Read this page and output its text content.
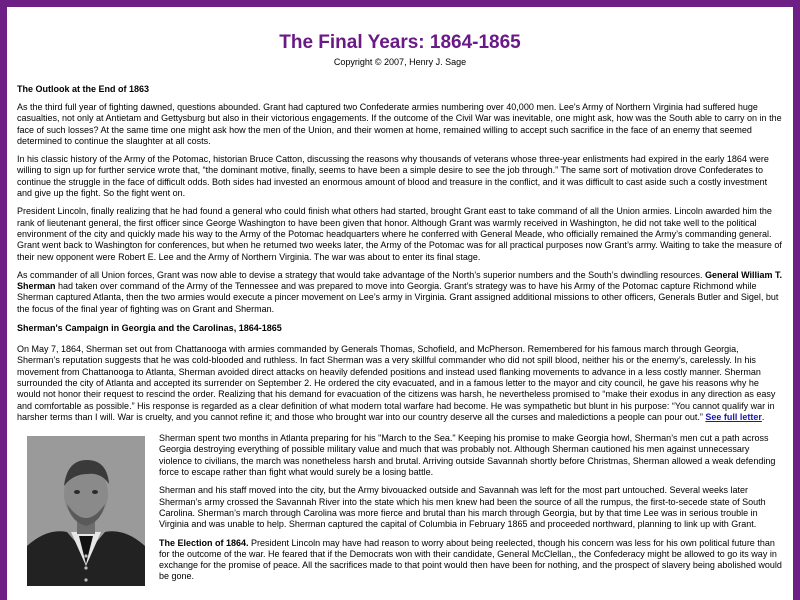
The Final Years: 1864-1865
Copyright © 2007, Henry J. Sage
The Outlook at the End of 1863

As the third full year of fighting dawned, questions abounded. Grant had captured two Confederate armies numbering over 40,000 men. Lee's Army of Northern Virginia had suffered huge casualties, not only at Antietam and Gettysburg but also in their victorious engagements. If the outcome of the Civil War was inevitable, one might ask, how was the South able to carry on in the face of such losses? At the same time one might ask how the men of the Union, and their women at home, remained willing to accept such sacrifice in the face of an enemy that seemed determined to continue the slaughter at all costs.

In his classic history of the Army of the Potomac, historian Bruce Catton, discussing the reasons why thousands of veterans whose three-year enlistments had expired in the early 1864 were willing to sign up for further service wrote that, “the dominant motive, finally, seems to have been a simple desire to see the job through.” The same sort of motivation drove Confederates to continue the struggle in the face of difficult odds. Both sides had invested an enormous amount of blood and treasure in the conflict, and it was difficult to cast aside such a costly investment and give up the fight. So the fight went on.

President Lincoln, finally realizing that he had found a general who could finish what others had started, brought Grant east to take command of all the Union armies. Lincoln awarded him the rank of lieutenant general, the first officer since George Washington to have been given that honor. Although Grant was warmly received in Washington, he did not take well to the political environment of the city and quickly made his way to the Army of the Potomac headquarters where he conferred with General Meade, who officially remained the Army’s commanding general. Grant went back to Washington for conferences, but when he returned two weeks later, the Army of the Potomac was for all practical purposes now Grant’s army. Waiting to take the measure of their new opponent were Robert E. Lee and the Army of Northern Virginia. The war was about to enter its final stage.

As commander of all Union forces, Grant was now able to devise a strategy that would take advantage of the North’s superior numbers and the South’s dwindling resources. General William T. Sherman had taken over command of the Army of the Tennessee and was prepared to move into Georgia. Grant’s strategy was to have his Army of the Potomac capture Richmond while Sherman captured Atlanta, then the two armies would execute a pincer movement on Lee’s army in Virginia. Grant assigned additional missions to other officers, Generals Butler and Sigel, but the focus of the final year of fighting was on Grant and Sherman.

Sherman's Campaign in Georgia and the Carolinas, 1864-1865

On May 7, 1864, Sherman set out from Chattanooga with armies commanded by Generals Thomas, Schofield, and McPherson. Remembered for his famous march through Georgia, Sherman’s reputation suggests that he was cold-blooded and ruthless. In fact Sherman was a very skillful commander who did not spill blood, neither his or the enemy’s, carelessly. In his movement from Chattanooga to Atlanta, Sherman avoided direct attacks on heavily defended positions and instead used flanking movements to advance in a less costly manner. Sherman surrounded the city of Atlanta and accepted its surrender on September 2. He ordered the city evacuated, and in a famous letter to the mayor and city council, he gave his reasons why he would not honor their request to rescind the order. Realizing that his demand for evacuation of the citizens was harsh, he nevertheless promised to “make their exodus in any direction as easy and comfortable as possible.” His response is regarded as a clear definition of what modern total warfare had become. He was sympathetic but blunt in his purpose: “You cannot qualify war in harsher terms than I will. War is cruelty, and you cannot refine it; and those who brought war into our country deserve all the curses and maledictions a people can pour out.” See full letter.

Sherman spent two months in Atlanta preparing for his "March to the Sea." Keeping his promise to make Georgia howl, Sherman’s men cut a path across Georgia destroying everything of possible military value and much that was probably not. Although Sherman cautioned his men against unnecessary violence to civilians, the march was nonetheless harsh and brutal. Arriving outside Savannah shortly before Christmas, Sherman allowed a weak defending force to escape rather than fight what would surely be a losing battle.

Sherman and his staff moved into the city, but the Army bivouacked outside and Savannah was left for the most part untouched. Several weeks later Sherman’s army crossed the Savannah River into the state which his men knew had been the source of all the rumpus, the first-to-secede state of South Carolina. Sherman’s march through Carolina was more fierce and brutal than his march through Georgia, but by that time Lee was in serious trouble in Virginia and was unable to help. Sherman captured the capital of Columbia in February 1865 and proceeded northward, planning to link up with Grant.

The Election of 1864. President Lincoln may have had reason to worry about being reelected, though his concern was less for his own political future than for the outcome of the war. He feared that if the Democrats won with their candidate, General McClellan,, the Confederacy might be allowed to go its way in exchange for the promise of peace. All the sacrifices made to that point would then have been for nothing, and the prospect of slavery being abolished would be gone.
